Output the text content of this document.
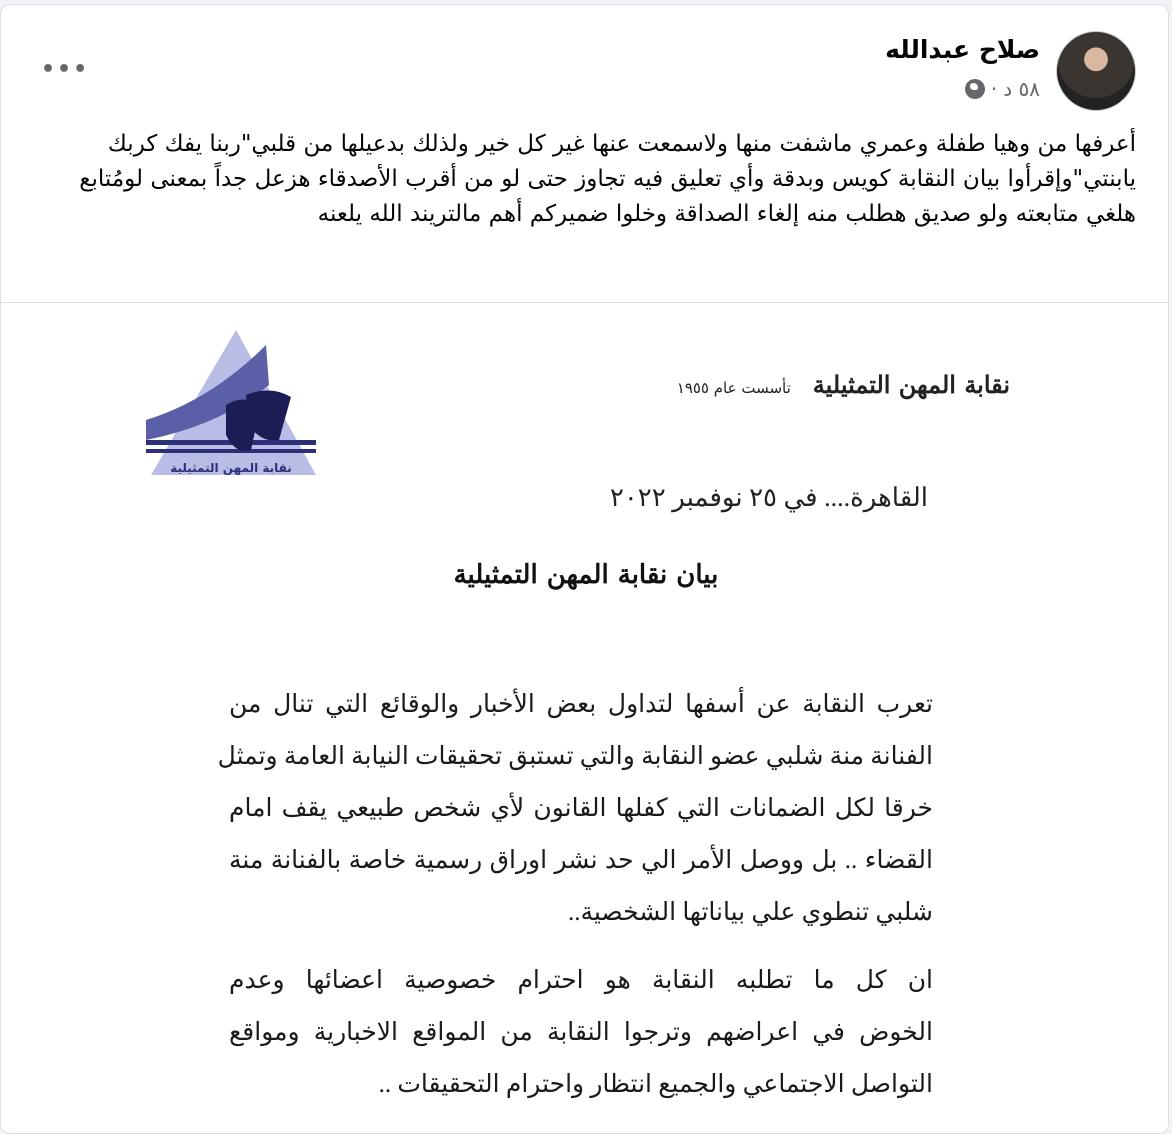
صلاح عبدالله
٥٨ د
·
•••
أعرفها من وهيا طفلة وعمري ماشفت منها ولاسمعت عنها غير كل خير ولذلك بدعيلها من قلبي"ربنا يفك كربك يابنتي"وإقرأوا بيان النقابة كويس وبدقة وأي تعليق فيه تجاوز حتى لو من أقرب الأصدقاء هزعل جداً بمعنى لومُتابع هلغي متابعته ولو صديق هطلب منه إلغاء الصداقة وخلوا ضميركم أهم مالتريند الله يلعنه
نقابة المهن التمثيلية
نقابة المهن التمثيلية
تأسست عام ١٩٥٥
القاهرة.... في ٢٥ نوفمبر ٢٠٢٢
بيان نقابة المهن التمثيلية
تعرب النقابة عن أسفها لتداول بعض الأخبار والوقائع التي تنال من
الفنانة منة شلبي عضو النقابة والتي تستبق تحقيقات النيابة العامة وتمثل
خرقا لكل الضمانات التي كفلها القانون لأي شخص طبيعي يقف امام
القضاء .. بل ووصل الأمر الي حد نشر اوراق رسمية خاصة بالفنانة منة
شلبي تنطوي علي بياناتها الشخصية..
ان كل ما تطلبه النقابة هو احترام خصوصية اعضائها وعدم
الخوض في اعراضهم وترجوا النقابة من المواقع الاخبارية ومواقع
التواصل الاجتماعي والجميع انتظار واحترام التحقيقات ..
